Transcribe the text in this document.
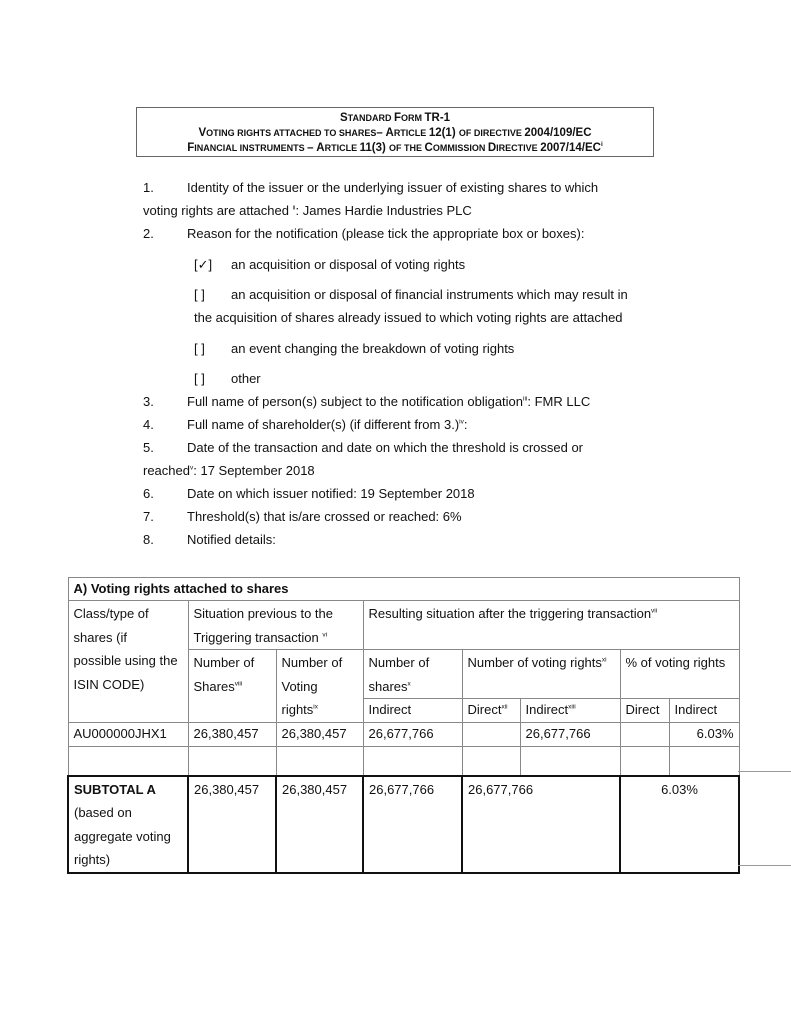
STANDARD FORM TR-1
VOTING RIGHTS ATTACHED TO SHARES– ARTICLE 12(1) OF DIRECTIVE 2004/109/EC
FINANCIAL INSTRUMENTS – ARTICLE 11(3) OF THE COMMISSION DIRECTIVE $2007/14/EC^i$
1.	Identity of the issuer or the underlying issuer of existing shares to which
voting rights are attached $^{ii}$: James Hardie Industries PLC
2.	Reason for the notification (please tick the appropriate box or boxes):
[✓] an acquisition or disposal of voting rights
[ ] an acquisition or disposal of financial instruments which may result in
the acquisition of shares already issued to which voting rights are attached
[ ] an event changing the breakdown of voting rights
[ ] other
3.	Full name of person(s) subject to the notification obligation$^{iii}$: FMR LLC
4.	Full name of shareholder(s) (if different from 3.)$^{iv}$:
5.	Date of the transaction and date on which the threshold is crossed or
reached$^v$: 17 September 2018
6.	Date on which issuer notified: 19 September 2018
7.	Threshold(s) that is/are crossed or reached: 6%
8.	Notified details:
A) Voting rights attached to shares							

Class/type of
shares (if
possible using the
ISIN CODE)

Situation previous to the
Triggering transaction $^{vi}$
	Resulting situation after the triggering transaction$^{vii}$

Number of
Shares$^{viii}$

Number of
Voting
rights$^{ix}$

Number of
shares$^x$
	Number of voting rights$^{xi}$	% of voting rights
			Indirect	Direct$^{xii}$	Indirect$^{xiii}$	Direct	Indirect
AU000000JHX1	26,380,457	26,380,457	26,677,766		26,677,766		6.03%

SUBTOTAL A
(based on
aggregate voting
rights)	26,380,457	26,380,457	26,677,766	26,677,766		6.03%	
